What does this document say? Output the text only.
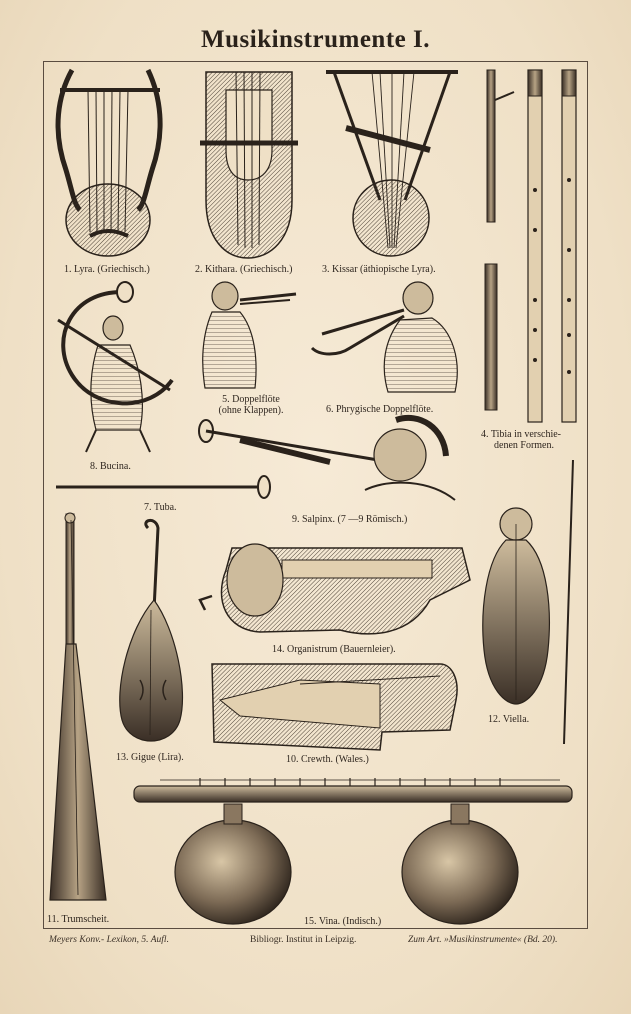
Musikinstrumente I.
1. Lyra. (Griechisch.)	2. Kithara. (Griechisch.)	3. Kissar (äthiopische Lyra).
4. Tibia in verschie-
denen Formen.
5. Doppelflöte
(ohne Klappen).	6. Phrygische Doppelflöte.
8. Bucina.
7. Tuba.
9. Salpinx. (7 —9 Römisch.)
14. Organistrum (Bauernleier).
12. Viella.
13. Gigue (Lira).	10. Crewth. (Wales.)
11. Trumscheit.	15. Vina. (Indisch.)
Meyers Konv.- Lexikon, 5. Aufl.	Bibliogr. Institut in Leipzig.	Zum Art. »Musikinstrumente« (Bd. 20).
